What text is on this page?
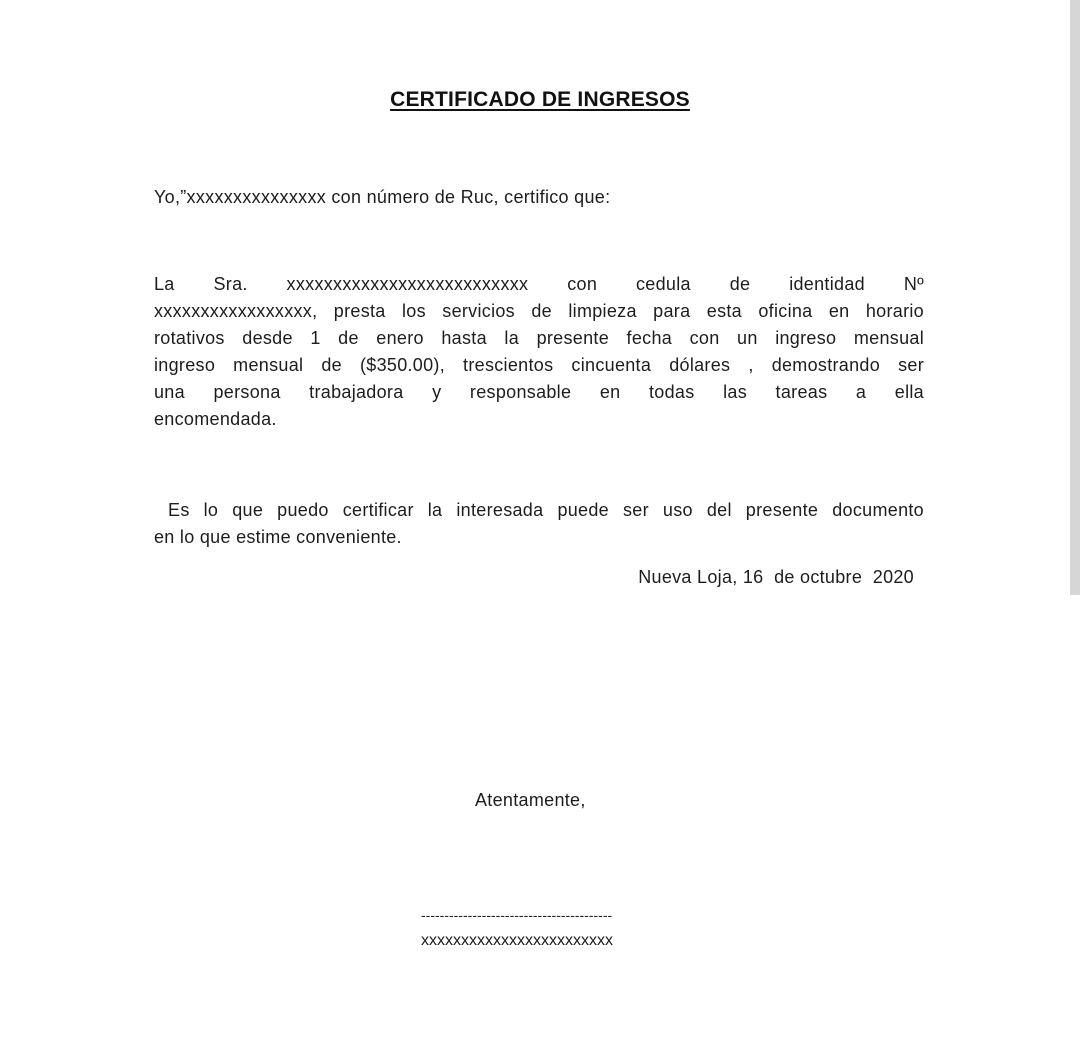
CERTIFICADO DE INGRESOS
Yo,”xxxxxxxxxxxxxxx con número de Ruc, certifico que:
La Sra. xxxxxxxxxxxxxxxxxxxxxxxxxx con cedula de identidad Nº
xxxxxxxxxxxxxxxxx, presta los servicios de limpieza para esta oficina en horario
rotativos desde 1 de enero hasta la presente fecha con un ingreso mensual
ingreso mensual de ($350.00), trescientos cincuenta dólares , demostrando ser
una persona trabajadora y responsable en todas las tareas a ella
encomendada.
Es lo que puedo certificar la interesada puede ser uso del presente documento
en lo que estime conveniente.
Nueva Loja, 16  de octubre  2020
Atentamente,
-----------------------------------------
xxxxxxxxxxxxxxxxxxxxxxxx
